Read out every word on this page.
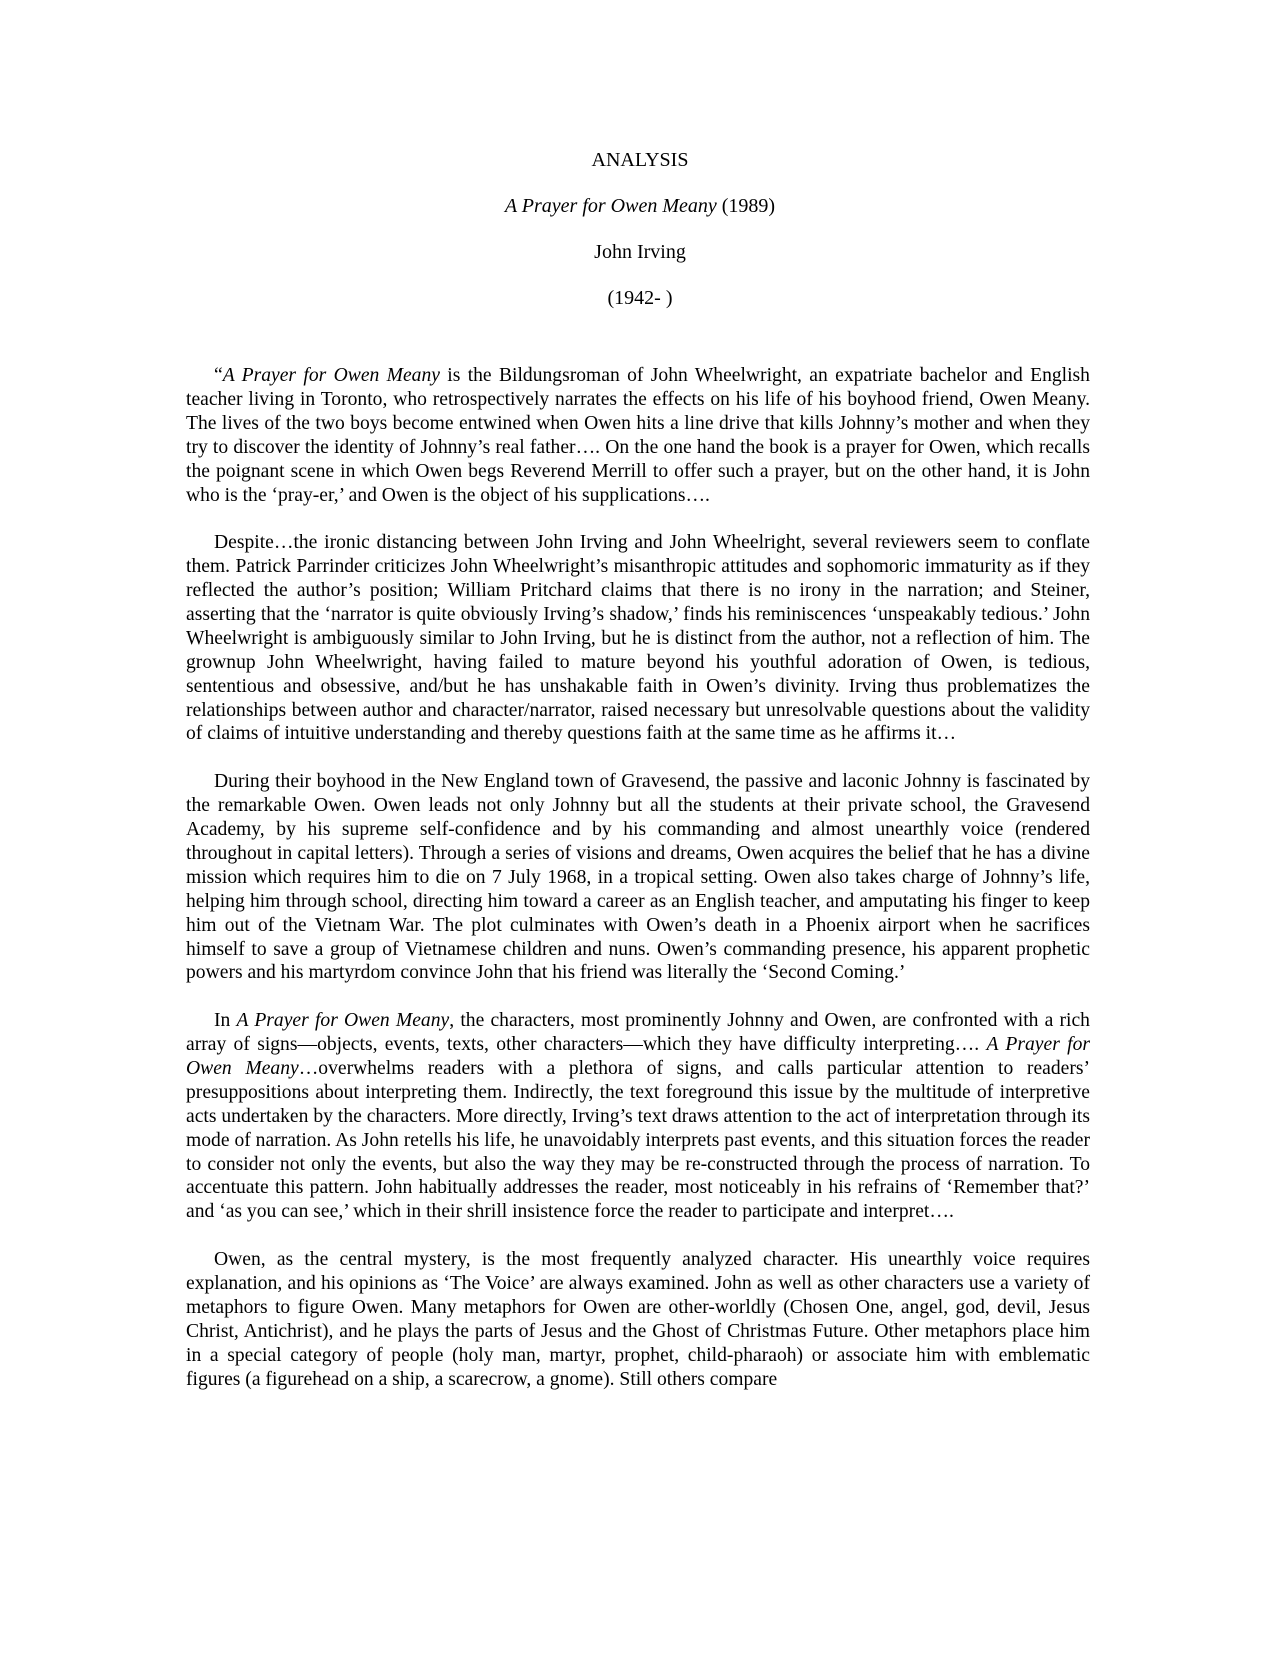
ANALYSIS
A Prayer for Owen Meany (1989)
John Irving
(1942- )

“A Prayer for Owen Meany is the Bildungsroman of John Wheelwright, an expatriate bachelor and English teacher living in Toronto, who retrospectively narrates the effects on his life of his boyhood friend, Owen Meany. The lives of the two boys become entwined when Owen hits a line drive that kills Johnny’s mother and when they try to discover the identity of Johnny’s real father…. On the one hand the book is a prayer for Owen, which recalls the poignant scene in which Owen begs Reverend Merrill to offer such a prayer, but on the other hand, it is John who is the ‘pray-er,’ and Owen is the object of his supplications….

Despite…the ironic distancing between John Irving and John Wheelright, several reviewers seem to conflate them. Patrick Parrinder criticizes John Wheelwright’s misanthropic attitudes and sophomoric immaturity as if they reflected the author’s position; William Pritchard claims that there is no irony in the narration; and Steiner, asserting that the ‘narrator is quite obviously Irving’s shadow,’ finds his reminiscences ‘unspeakably tedious.’ John Wheelwright is ambiguously similar to John Irving, but he is distinct from the author, not a reflection of him. The grownup John Wheelwright, having failed to mature beyond his youthful adoration of Owen, is tedious, sententious and obsessive, and/but he has unshakable faith in Owen’s divinity. Irving thus problematizes the relationships between author and character/narrator, raised necessary but unresolvable questions about the validity of claims of intuitive understanding and thereby questions faith at the same time as he affirms it…

During their boyhood in the New England town of Gravesend, the passive and laconic Johnny is fascinated by the remarkable Owen. Owen leads not only Johnny but all the students at their private school, the Gravesend Academy, by his supreme self-confidence and by his commanding and almost unearthly voice (rendered throughout in capital letters). Through a series of visions and dreams, Owen acquires the belief that he has a divine mission which requires him to die on 7 July 1968, in a tropical setting. Owen also takes charge of Johnny’s life, helping him through school, directing him toward a career as an English teacher, and amputating his finger to keep him out of the Vietnam War. The plot culminates with Owen’s death in a Phoenix airport when he sacrifices himself to save a group of Vietnamese children and nuns. Owen’s commanding presence, his apparent prophetic powers and his martyrdom convince John that his friend was literally the ‘Second Coming.’

In A Prayer for Owen Meany, the characters, most prominently Johnny and Owen, are confronted with a rich array of signs—objects, events, texts, other characters—which they have difficulty interpreting…. A Prayer for Owen Meany…overwhelms readers with a plethora of signs, and calls particular attention to readers’ presuppositions about interpreting them. Indirectly, the text foreground this issue by the multitude of interpretive acts undertaken by the characters. More directly, Irving’s text draws attention to the act of interpretation through its mode of narration. As John retells his life, he unavoidably interprets past events, and this situation forces the reader to consider not only the events, but also the way they may be re-constructed through the process of narration. To accentuate this pattern. John habitually addresses the reader, most noticeably in his refrains of ‘Remember that?’ and ‘as you can see,’ which in their shrill insistence force the reader to participate and interpret….

Owen, as the central mystery, is the most frequently analyzed character. His unearthly voice requires explanation, and his opinions as ‘The Voice’ are always examined. John as well as other characters use a variety of metaphors to figure Owen. Many metaphors for Owen are other-worldly (Chosen One, angel, god, devil, Jesus Christ, Antichrist), and he plays the parts of Jesus and the Ghost of Christmas Future. Other metaphors place him in a special category of people (holy man, martyr, prophet, child-pharaoh) or associate him with emblematic figures (a figurehead on a ship, a scarecrow, a gnome). Still others compare
